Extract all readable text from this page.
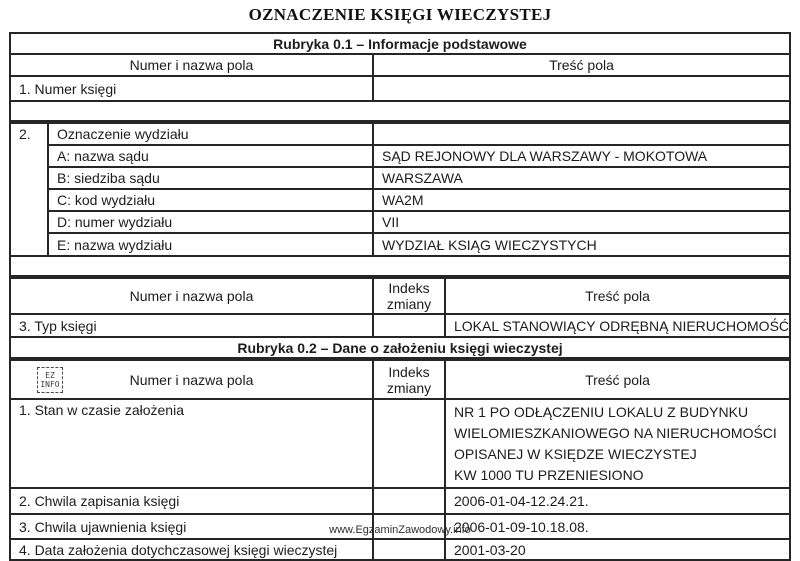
OZNACZENIE KSIĘGI WIECZYSTEJ
Rubryka 0.1 – Informacje podstawowe	
Numer i nazwa pola	Treść pola
1. Numer księgi	

2.	Oznaczenie wydziału	
	A: nazwa sądu	SĄD REJONOWY DLA WARSZAWY - MOKOTOWA
	B: siedziba sądu	WARSZAWA
	C: kod wydziału	WA2M
	D: numer wydziału	VII
	E: nazwa wydziału	WYDZIAŁ KSIĄG WIECZYSTYCH

Numer i nazwa pola	Indeks zmiany	Treść pola
3. Typ księgi		LOKAL STANOWIĄCY ODRĘBNĄ NIERUCHOMOŚĆ
Rubryka 0.2 – Dane o założeniu księgi wieczystej		
EZ
INFO Numer i nazwa pola	Indeks zmiany	Treść pola
1. Stan w czasie założenia		NR 1 PO ODŁĄCZENIU LOKALU Z BUDYNKU
WIELOMIESZKANIOWEGO NA NIERUCHOMOŚCI
OPISANEJ W KSIĘDZE WIECZYSTEJ
KW 1000 TU PRZENIESIONO

2. Chwila zapisania księgi		2006-01-04-12.24.21.
3. Chwila ujawnienia księgi		2006-01-09-10.18.08.
4. Data założenia dotychczasowej księgi wieczystej		2001-03-20
www.EgzaminZawodowy.info
